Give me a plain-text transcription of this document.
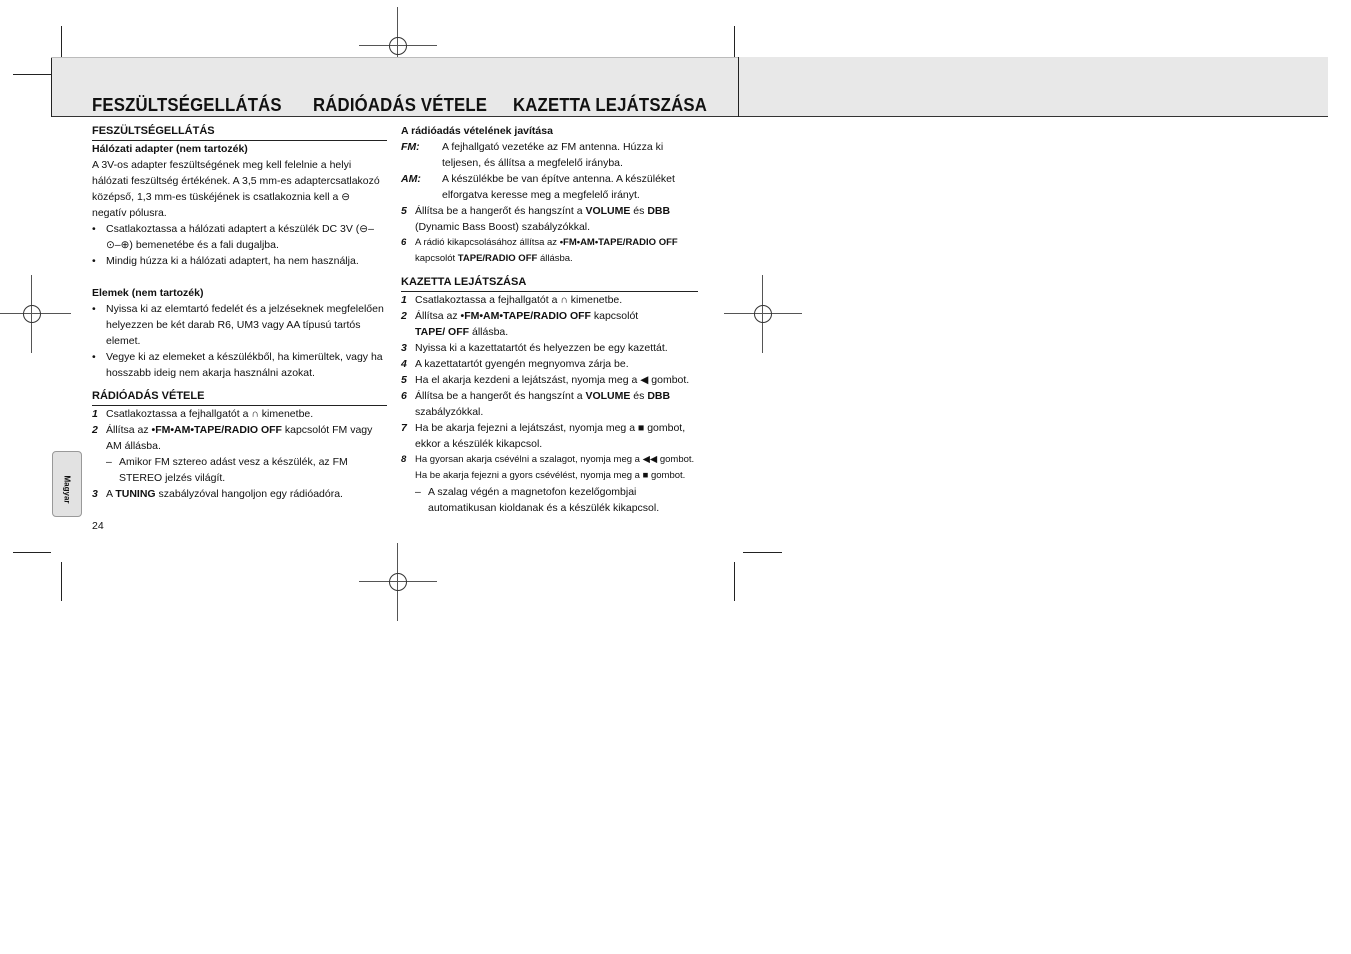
FESZÜLTSÉGELLÁTÁS RÁDIÓADÁS VÉTELE KAZETTA LEJÁTSZÁSA

FESZÜLTSÉGELLÁTÁS

Hálózati adapter (nem tartozék)

A 3V-os adapter feszültségének meg kell felelnie a helyi hálózati feszültség értékének. A 3,5 mm-es adaptercsatlakozó középső, 1,3 mm-es tüskéjének is csatlakoznia kell a ⊖ negatív pólusra.

• Csatlakoztassa a hálózati adaptert a készülék DC 3V (⊖–⊙–⊕) bemenetébe és a fali dugaljba.
• Mindig húzza ki a hálózati adaptert, ha nem használja.

Elemek (nem tartozék)

• Nyissa ki az elemtartó fedelét és a jelzéseknek megfelelően helyezzen be két darab R6, UM3 vagy AA típusú tartós elemet.
• Vegye ki az elemeket a készülékből, ha kimerültek, vagy ha hosszabb ideig nem akarja használni azokat.

RÁDIÓADÁS VÉTELE

1 Csatlakoztassa a fejhallgatót a ∩ kimenetbe.
2 Állítsa az •FM•AM•TAPE/RADIO OFF kapcsolót FM vagy AM állásba.
– Amikor FM sztereo adást vesz a készülék, az FM STEREO jelzés világít.
3 A TUNING szabályzóval hangoljon egy rádióadóra.

A rádióadás vételének javítása

FM:	A fejhallgató vezetéke az FM antenna. Húzza ki teljesen, és állítsa a megfelelő irányba.
AM:	A készülékbe be van építve antenna. A készüléket elforgatva keresse meg a megfelelő irányt.
5 Állítsa be a hangerőt és hangszínt a VOLUME és DBB (Dynamic Bass Boost) szabályzókkal.
6 A rádió kikapcsolásához állítsa az •FM•AM•TAPE/RADIO OFF kapcsolót TAPE/RADIO OFF állásba.

KAZETTA LEJÁTSZÁSA

1 Csatlakoztassa a fejhallgatót a ∩ kimenetbe.
2 Állítsa az •FM•AM•TAPE/RADIO OFF kapcsolót
TAPE/ OFF állásba.
3 Nyissa ki a kazettatartót és helyezzen be egy kazettát.
4 A kazettatartót gyengén megnyomva zárja be.
5 Ha el akarja kezdeni a lejátszást, nyomja meg a ◀ gombot.
6 Állítsa be a hangerőt és hangszínt a VOLUME és DBB szabályzókkal.
7 Ha be akarja fejezni a lejátszást, nyomja meg a ■ gombot, ekkor a készülék kikapcsol.
8 Ha gyorsan akarja csévélni a szalagot, nyomja meg a ◀◀ gombot.
Ha be akarja fejezni a gyors csévélést, nyomja meg a ■ gombot.
– A szalag végén a magnetofon kezelőgombjai automatikusan kioldanak és a készülék kikapcsol.
Magyar
24
